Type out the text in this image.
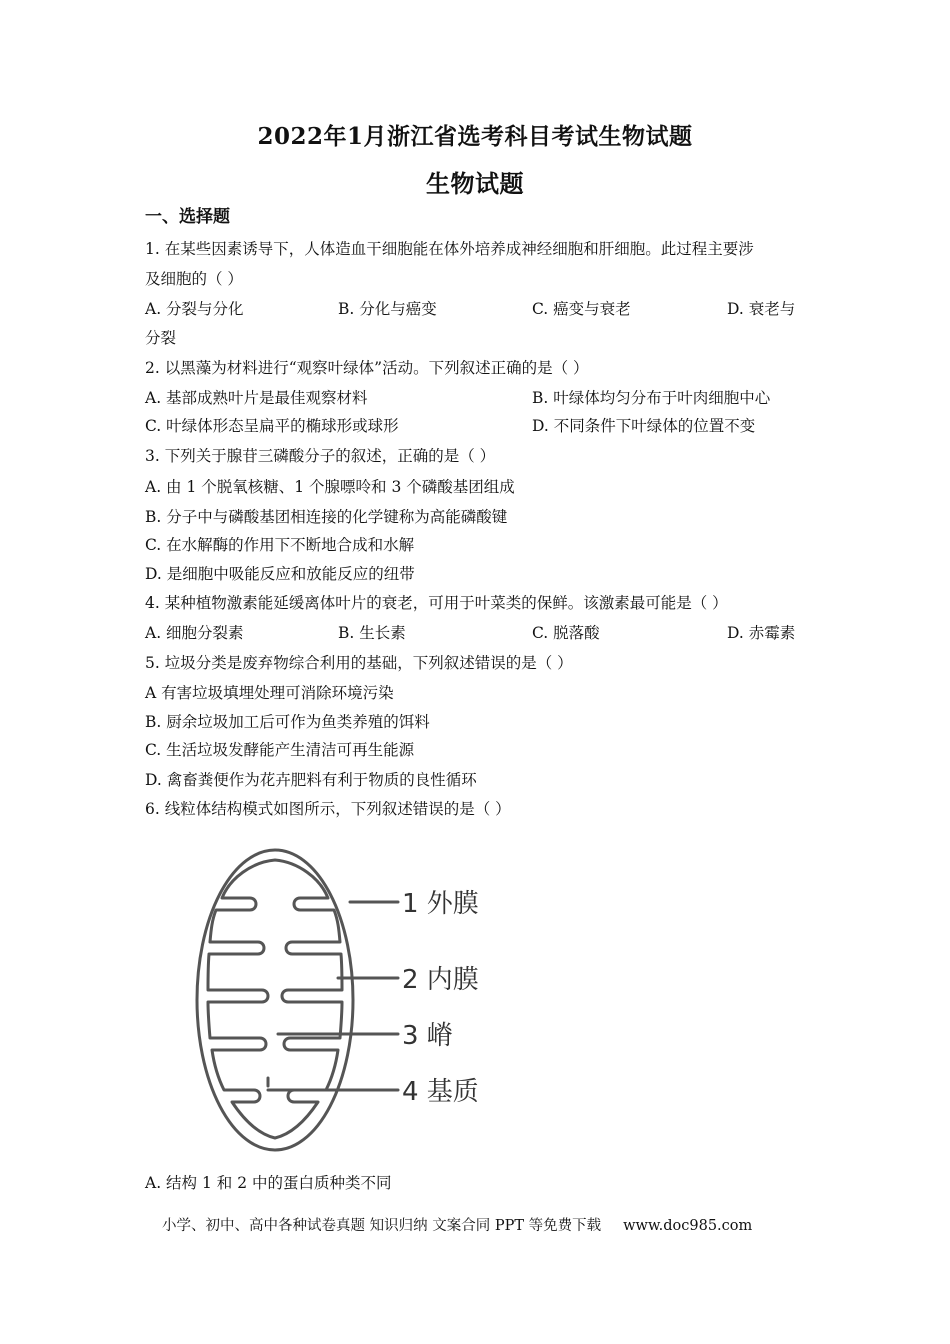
2022年1月浙江省选考科目考试生物试题
生物试题
一、选择题
1. 在某些因素诱导下，人体造血干细胞能在体外培养成神经细胞和肝细胞。此过程主要涉
及细胞的（ ）
A. 分裂与分化	B. 分化与癌变	C. 癌变与衰老	D. 衰老与
分裂
2. 以黑藻为材料进行“观察叶绿体”活动。下列叙述正确的是（ ）
A. 基部成熟叶片是最佳观察材料	B. 叶绿体均匀分布于叶肉细胞中心
C. 叶绿体形态呈扁平的椭球形或球形	D. 不同条件下叶绿体的位置不变
3. 下列关于腺苷三磷酸分子的叙述，正确的是（ ）
A. 由 1 个脱氧核糖、1 个腺嘌呤和 3 个磷酸基团组成
B. 分子中与磷酸基团相连接的化学键称为高能磷酸键
C. 在水解酶的作用下不断地合成和水解
D. 是细胞中吸能反应和放能反应的纽带
4. 某种植物激素能延缓离体叶片的衰老，可用于叶菜类的保鲜。该激素最可能是（ ）
A. 细胞分裂素	B. 生长素	C. 脱落酸	D. 赤霉素
5. 垃圾分类是废弃物综合利用的基础，下列叙述错误的是（ ）
A 有害垃圾填埋处理可消除环境污染
B. 厨余垃圾加工后可作为鱼类养殖的饵料
C. 生活垃圾发酵能产生清洁可再生能源
D. 禽畜粪便作为花卉肥料有利于物质的良性循环
6. 线粒体结构模式如图所示，下列叙述错误的是（ ）
1 外膜
2 内膜
3 嵴
4 基质
A. 结构 1 和 2 中的蛋白质种类不同
小学、初中、高中各种试卷真题 知识归纳 文案合同 PPT 等免费下载 www.doc985.com
